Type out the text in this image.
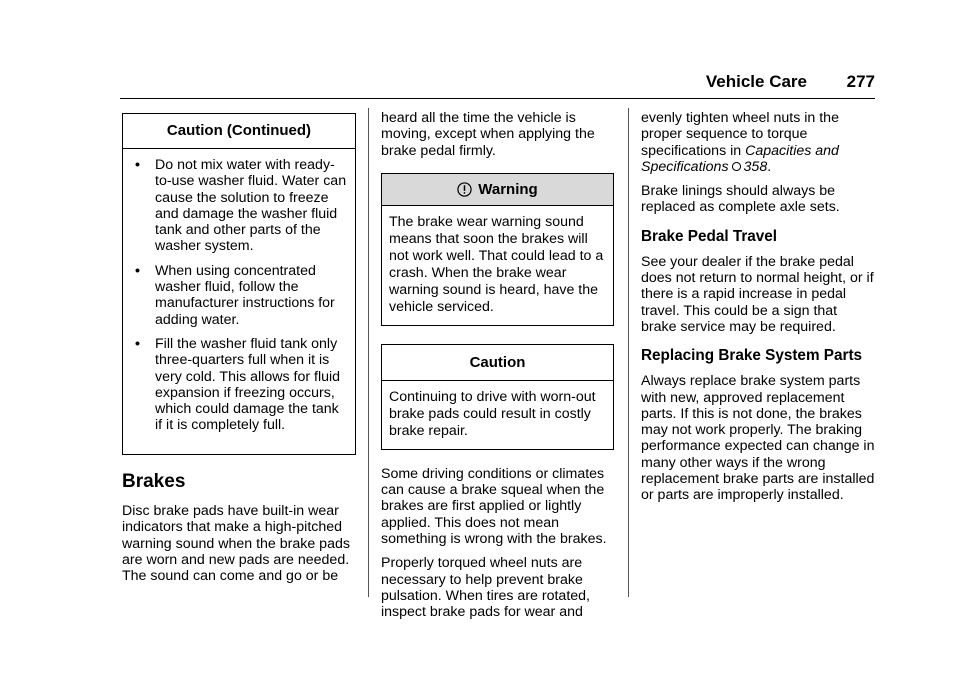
Vehicle Care 277
Caution (Continued)
• Do not mix water with ready-to-use washer fluid. Water can cause the solution to freeze and damage the washer fluid tank and other parts of the washer system.
• When using concentrated washer fluid, follow the manufacturer instructions for adding water.
• Fill the washer fluid tank only three-quarters full when it is very cold. This allows for fluid expansion if freezing occurs, which could damage the tank if it is completely full.
Brakes

Disc brake pads have built-in wear indicators that make a high-pitched warning sound when the brake pads are worn and new pads are needed. The sound can come and go or be

heard all the time the vehicle is moving, except when applying the brake pedal firmly.

Warning
The brake wear warning sound means that soon the brakes will not work well. That could lead to a crash. When the brake wear warning sound is heard, have the vehicle serviced.
Caution
Continuing to drive with worn-out brake pads could result in costly brake repair.

Some driving conditions or climates can cause a brake squeal when the brakes are first applied or lightly applied. This does not mean something is wrong with the brakes.

Properly torqued wheel nuts are necessary to help prevent brake pulsation. When tires are rotated, inspect brake pads for wear and

evenly tighten wheel nuts in the proper sequence to torque specifications in Capacities and Specifications 358.

Brake linings should always be replaced as complete axle sets.

Brake Pedal Travel

See your dealer if the brake pedal does not return to normal height, or if there is a rapid increase in pedal travel. This could be a sign that brake service may be required.

Replacing Brake System Parts

Always replace brake system parts with new, approved replacement parts. If this is not done, the brakes may not work properly. The braking performance expected can change in many other ways if the wrong replacement brake parts are installed or parts are improperly installed.
